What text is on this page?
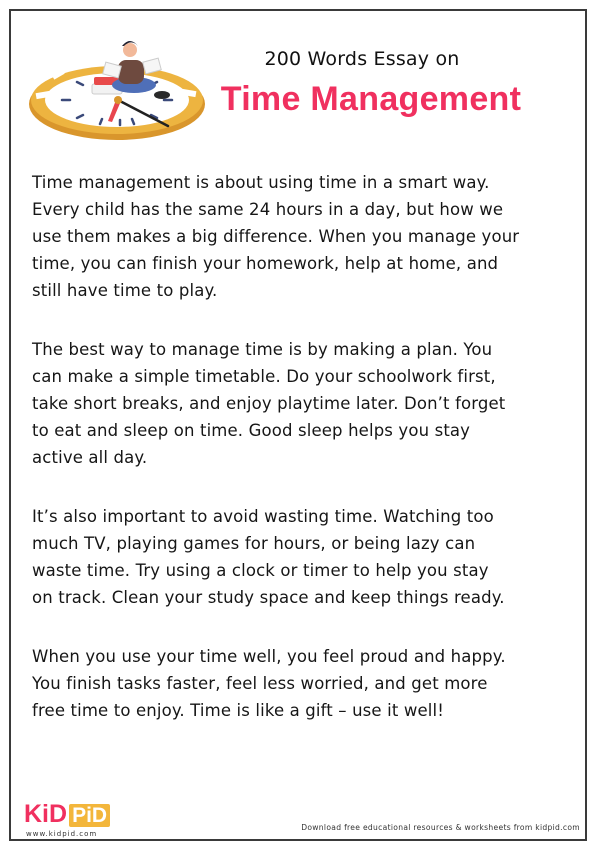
200 Words Essay on
Time Management
Time management is about using time in a smart way.
Every child has the same 24 hours in a day, but how we
use them makes a big difference. When you manage your
time, you can finish your homework, help at home, and
still have time to play.
The best way to manage time is by making a plan. You
can make a simple timetable. Do your schoolwork first,
take short breaks, and enjoy playtime later. Don’t forget
to eat and sleep on time. Good sleep helps you stay
active all day.
It’s also important to avoid wasting time. Watching too
much TV, playing games for hours, or being lazy can
waste time. Try using a clock or timer to help you stay
on track. Clean your study space and keep things ready.
When you use your time well, you feel proud and happy.
You finish tasks faster, feel less worried, and get more
free time to enjoy. Time is like a gift – use it well!
KiD PiD
www.kidpid.com
Download free educational resources & worksheets from kidpid.com
